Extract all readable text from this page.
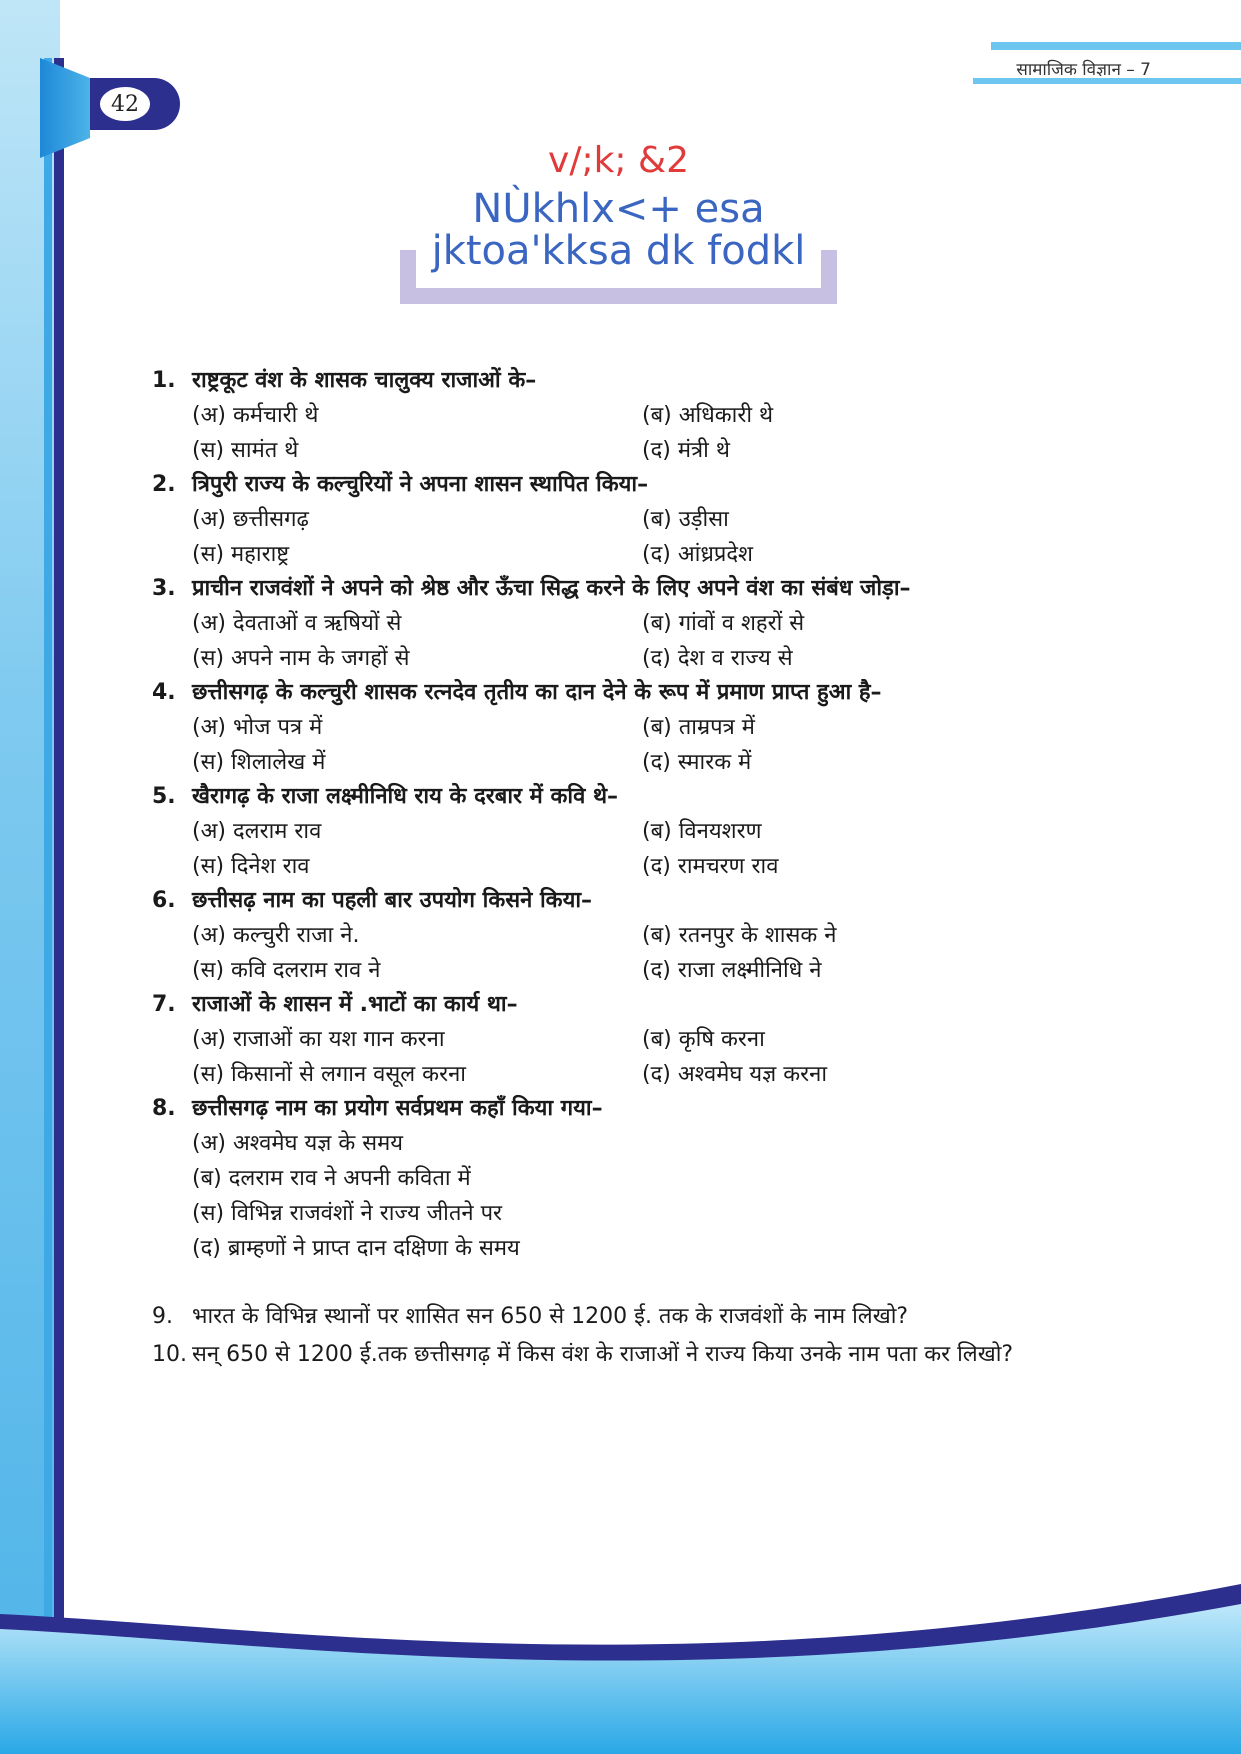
42
सामाजिक विज्ञान – 7
v/;k; &2
NÙkhlx<+ esa jktoa'kksa dk fodkl
1. राष्ट्रकूट वंश के शासक चालुक्य राजाओं के–
(अ) कर्मचारी थे	(ब) अधिकारी थे
(स) सामंत थे	(द) मंत्री थे
2. त्रिपुरी राज्य के कल्चुरियों ने अपना शासन स्थापित किया–
(अ) छत्तीसगढ़	(ब) उड़ीसा
(स) महाराष्ट्र	(द) आंध्रप्रदेश
3. प्राचीन राजवंशों ने अपने को श्रेष्ठ और ऊँचा सिद्ध करने के लिए अपने वंश का संबंध जोड़ा–
(अ) देवताओं व ऋषियों से	(ब) गांवों व शहरों से
(स) अपने नाम के जगहों से	(द) देश व राज्य से
4. छत्तीसगढ़ के कल्चुरी शासक रत्नदेव तृतीय का दान देने के रूप में प्रमाण प्राप्त हुआ है–
(अ) भोज पत्र में	(ब) ताम्रपत्र में
(स) शिलालेख में	(द) स्मारक में
5. खैरागढ़ के राजा लक्ष्मीनिधि राय के दरबार में कवि थे–
(अ) दलराम राव	(ब) विनयशरण
(स) दिनेश राव	(द) रामचरण राव
6. छत्तीसढ़ नाम का पहली बार उपयोग किसने किया–
(अ) कल्चुरी राजा ने.	(ब) रतनपुर के शासक ने
(स) कवि दलराम राव ने	(द) राजा लक्ष्मीनिधि ने
7. राजाओं के शासन में .भाटों का कार्य था–
(अ) राजाओं का यश गान करना	(ब) कृषि करना
(स) किसानों से लगान वसूल करना	(द) अश्वमेघ यज्ञ करना
8. छत्तीसगढ़ नाम का प्रयोग सर्वप्रथम कहाँ किया गया–
(अ) अश्वमेघ यज्ञ के समय
(ब) दलराम राव ने अपनी कविता में
(स) विभिन्न राजवंशों ने राज्य जीतने पर
(द) ब्राम्हणों ने प्राप्त दान दक्षिणा के समय
9. भारत के विभिन्न स्थानों पर शासित सन 650 से 1200 ई. तक के राजवंशों के नाम लिखो?
10. सन् 650 से 1200 ई.तक छत्तीसगढ़ में किस वंश के राजाओं ने राज्य किया उनके नाम पता कर लिखो?
